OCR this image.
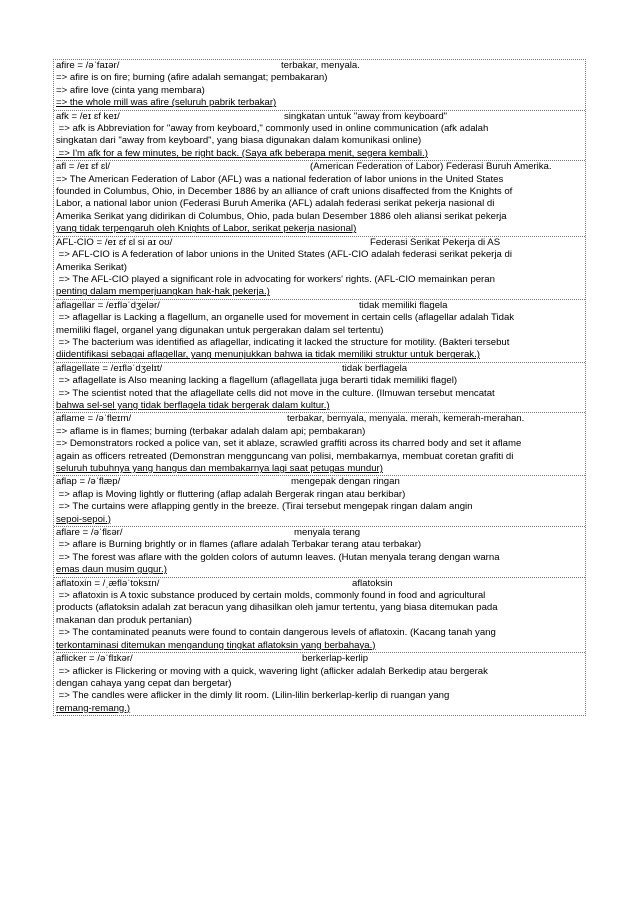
afire = /əˈfaɪər/	terbakar, menyala.
=> afire is on fire; burning (afire adalah semangat; pembakaran)
=> afire love (cinta yang membara)
=> the whole mill was afire (seluruh pabrik terbakar)
afk = /eɪ ɛf keɪ/	singkatan untuk "away from keyboard"
=> afk is Abbreviation for "away from keyboard," commonly used in online communication (afk adalah
singkatan dari "away from keyboard", yang biasa digunakan dalam komunikasi online)
=> I'm afk for a few minutes, be right back. (Saya afk beberapa menit, segera kembali.)
afl = /eɪ ɛf ɛl/	(American Federation of Labor) Federasi Buruh Amerika.
=> The American Federation of Labor (AFL) was a national federation of labor unions in the United States
founded in Columbus, Ohio, in December 1886 by an alliance of craft unions disaffected from the Knights of
Labor, a national labor union (Federasi Buruh Amerika (AFL) adalah federasi serikat pekerja nasional di
Amerika Serikat yang didirikan di Columbus, Ohio, pada bulan Desember 1886 oleh aliansi serikat pekerja
yang tidak terpengaruh oleh Knights of Labor, serikat pekerja nasional)
AFL-CIO = /eɪ ɛf ɛl si aɪ oʊ/	Federasi Serikat Pekerja di AS
=> AFL-CIO is A federation of labor unions in the United States (AFL-CIO adalah federasi serikat pekerja di
Amerika Serikat)
=> The AFL-CIO played a significant role in advocating for workers' rights. (AFL-CIO memainkan peran
penting dalam memperjuangkan hak-hak pekerja.)
aflagellar = /eɪfləˈdʒelər/	tidak memiliki flagela
=> aflagellar is Lacking a flagellum, an organelle used for movement in certain cells (aflagellar adalah Tidak
memiliki flagel, organel yang digunakan untuk pergerakan dalam sel tertentu)
=> The bacterium was identified as aflagellar, indicating it lacked the structure for motility. (Bakteri tersebut
diidentifikasi sebagai aflagellar, yang menunjukkan bahwa ia tidak memiliki struktur untuk bergerak.)
aflagellate = /eɪfləˈdʒelɪt/	tidak berflagela
=> aflagellate is Also meaning lacking a flagellum (aflagellata juga berarti tidak memiliki flagel)
=> The scientist noted that the aflagellate cells did not move in the culture. (Ilmuwan tersebut mencatat
bahwa sel-sel yang tidak berflagela tidak bergerak dalam kultur.)
aflame = /əˈfleɪm/	terbakar, bernyala, menyala. merah, kemerah-merahan.
=> aflame is in flames; burning (terbakar adalah dalam api; pembakaran)
=> Demonstrators rocked a police van, set it ablaze, scrawled graffiti across its charred body and set it aflame
again as officers retreated (Demonstran mengguncang van polisi, membakarnya, membuat coretan grafiti di
seluruh tubuhnya yang hangus dan membakarnya lagi saat petugas mundur)
aflap = /əˈflæp/	mengepak dengan ringan
=> aflap is Moving lightly or fluttering (aflap adalah Bergerak ringan atau berkibar)
=> The curtains were aflapping gently in the breeze. (Tirai tersebut mengepak ringan dalam angin
sepoi-sepoi.)
aflare = /əˈflɛər/	menyala terang
=> aflare is Burning brightly or in flames (aflare adalah Terbakar terang atau terbakar)
=> The forest was aflare with the golden colors of autumn leaves. (Hutan menyala terang dengan warna
emas daun musim gugur.)
aflatoxin = /ˌæfləˈtoksɪn/	aflatoksin
=> aflatoxin is A toxic substance produced by certain molds, commonly found in food and agricultural
products (aflatoksin adalah zat beracun yang dihasilkan oleh jamur tertentu, yang biasa ditemukan pada
makanan dan produk pertanian)
=> The contaminated peanuts were found to contain dangerous levels of aflatoxin. (Kacang tanah yang
terkontaminasi ditemukan mengandung tingkat aflatoksin yang berbahaya.)
aflicker = /əˈflɪkər/	berkerlap-kerlip
=> aflicker is Flickering or moving with a quick, wavering light (aflicker adalah Berkedip atau bergerak
dengan cahaya yang cepat dan bergetar)
=> The candles were aflicker in the dimly lit room. (Lilin-lilin berkerlap-kerlip di ruangan yang
remang-remang.)
